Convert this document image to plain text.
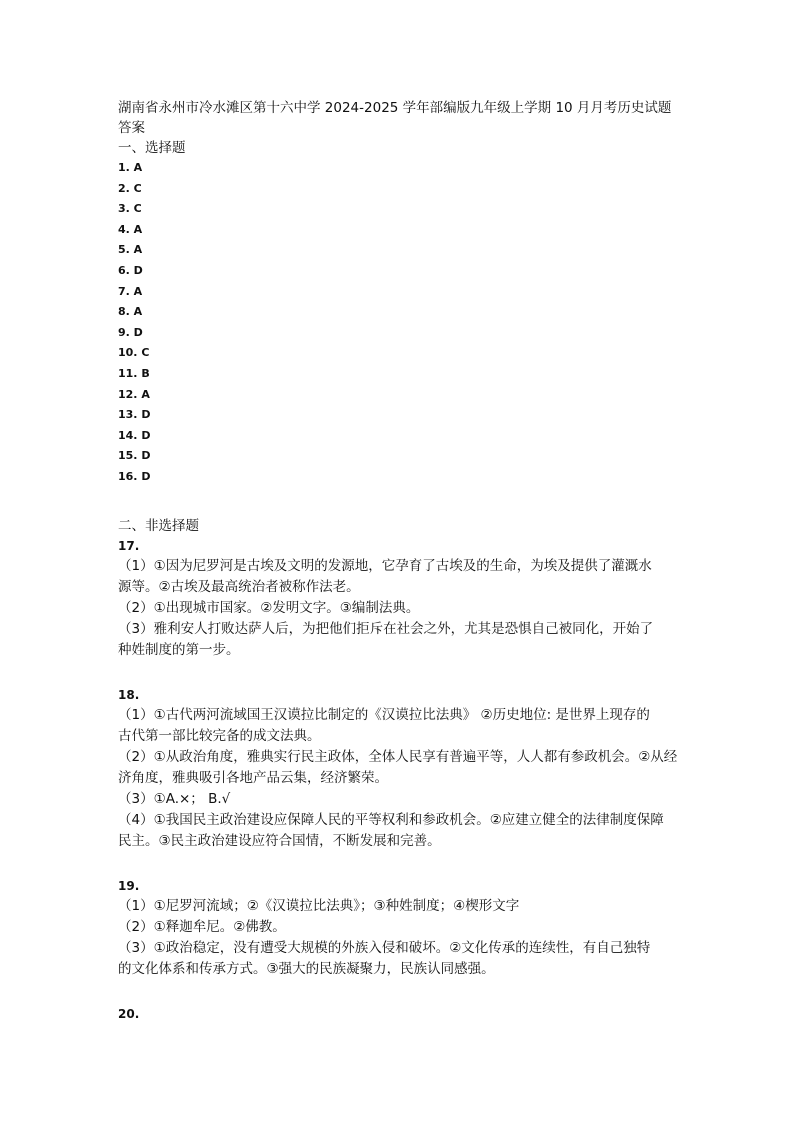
湖南省永州市冷水滩区第十六中学 2024-2025 学年部编版九年级上学期 10 月月考历史试题

答案

一、选择题

1. A
2. C
3. C
4. A
5. A
6. D
7. A
8. A
9. D
10. C
11. B
12. A
13. D
14. D
15. D
16. D

二、非选择题

17.

（1）①因为尼罗河是古埃及文明的发源地，它孕育了古埃及的生命，为埃及提供了灌溉水

源等。②古埃及最高统治者被称作法老。

（2）①出现城市国家。②发明文字。③编制法典。

（3）雅利安人打败达萨人后，为把他们拒斥在社会之外，尤其是恐惧自己被同化，开始了

种姓制度的第一步。

18.

（1）①古代两河流域国王汉谟拉比制定的《汉谟拉比法典》 ②历史地位: 是世界上现存的

古代第一部比较完备的成文法典。

（2）①从政治角度，雅典实行民主政体，全体人民享有普遍平等，人人都有参政机会。②从经

济角度，雅典吸引各地产品云集，经济繁荣。

（3）①A.×； B.√

（4）①我国民主政治建设应保障人民的平等权利和参政机会。②应建立健全的法律制度保障

民主。③民主政治建设应符合国情，不断发展和完善。

19.

（1）①尼罗河流域；②《汉谟拉比法典》；③种姓制度；④楔形文字

（2）①释迦牟尼。②佛教。

（3）①政治稳定，没有遭受大规模的外族入侵和破坏。②文化传承的连续性，有自己独特

的文化体系和传承方式。③强大的民族凝聚力，民族认同感强。

20.
